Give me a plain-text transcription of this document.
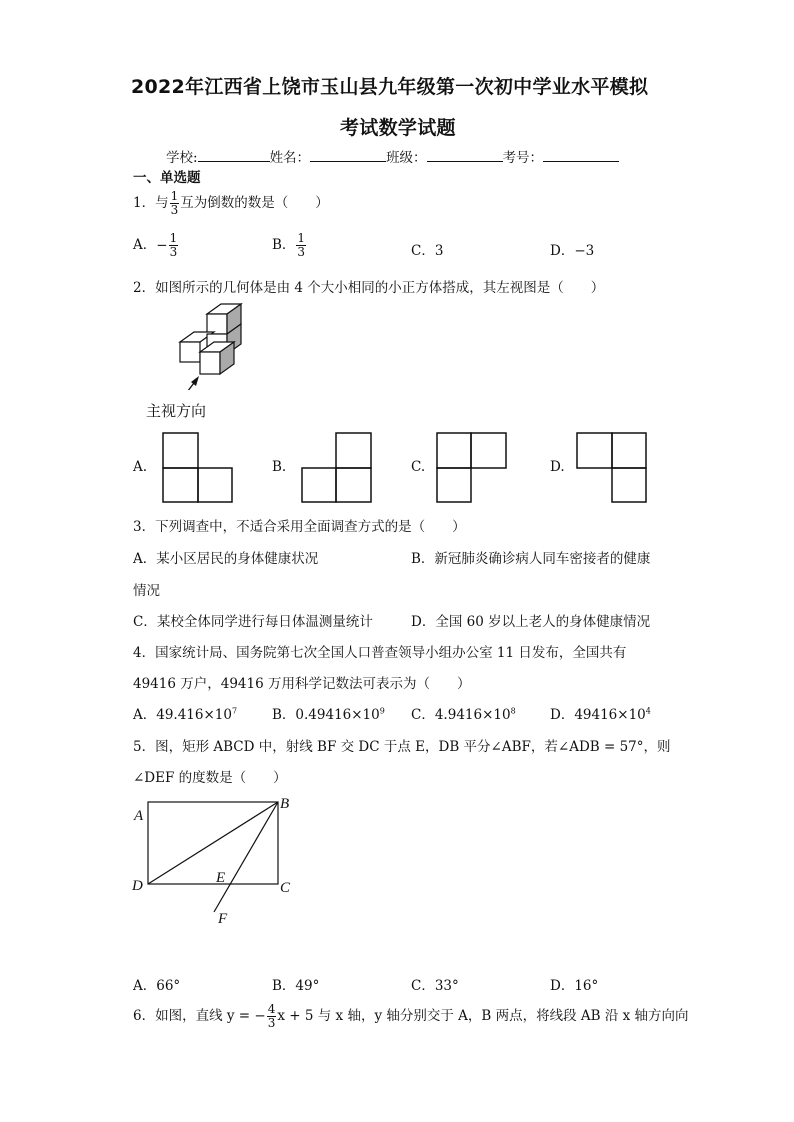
2022年江西省上饶市玉山县九年级第一次初中学业水平模拟
考试数学试题
学校:	姓名：	班级：	考号：
一、单选题
1．与 $\frac{1}{3}$ 互为倒数的数是（　　）
A．− $\frac{1}{3}$	B． $\frac{1}{3}$	C．3	D．−3
2．如图所示的几何体是由 4 个大小相同的小正方体搭成，其左视图是（　　）
主视方向
A.	B.	C.	D.
3．下列调查中，不适合采用全面调查方式的是（　　）
A．某小区居民的身体健康状况	B．新冠肺炎确诊病人同车密接者的健康
情况
C．某校全体同学进行每日体温测量统计	D．全国 60 岁以上老人的身体健康情况
4．国家统计局、国务院第七次全国人口普查领导小组办公室 11 日发布，全国共有
49416 万户，49416 万用科学记数法可表示为（　　）
A．$49.416\times 10^7$	B．$0.49416\times 10^9$ C．$4.9416\times 10^8$	D．$49416\times 10^4$
5．图，矩形 ABCD 中，射线 BF 交 DC 于点 E，DB 平分∠ABF，若∠ADB = 57°，则
∠DEF 的度数是（　　）
A
B
C
D	E
F
A．66°	B．49°	C．33°	D．16°
6．如图，直线 y = − $\frac{4}{3}$ x + 5 与 x 轴，y 轴分别交于 A，B 两点，将线段 AB 沿 x 轴方向向
